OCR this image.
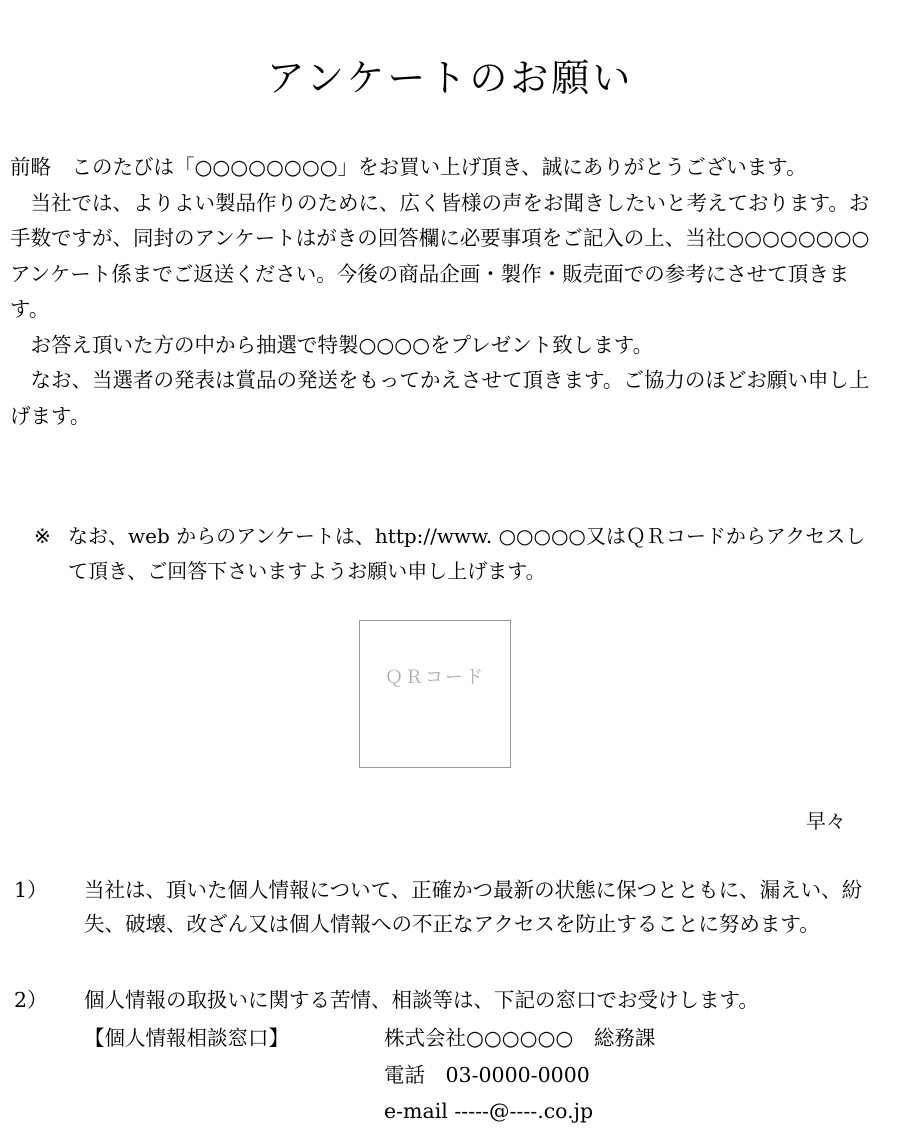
アンケートのお願い

前略　このたびは「○○○○○○○○」をお買い上げ頂き、誠にありがとうございます。

　当社では、よりよい製品作りのために、広く皆様の声をお聞きしたいと考えております。お手数ですが、同封のアンケートはがきの回答欄に必要事項をご記入の上、当社○○○○○○○○アンケート係までご返送ください。今後の商品企画・製作・販売面での参考にさせて頂きます。

　お答え頂いた方の中から抽選で特製○○○○をプレゼント致します。

　なお、当選者の発表は賞品の発送をもってかえさせて頂きます。ご協力のほどお願い申し上げます。

※ なお、web からのアンケートは、http://www. ○○○○○又はＱＲコードからアクセスして頂き、ご回答下さいますようお願い申し上げます。
ＱＲコード
早々
1） 当社は、頂いた個人情報について、正確かつ最新の状態に保つとともに、漏えい、紛失、破壊、改ざん又は個人情報への不正なアクセスを防止することに努めます。
2） 個人情報の取扱いに関する苦情、相談等は、下記の窓口でお受けします。
【個人情報相談窓口】	株式会社○○○○○○　総務課
電話　03-0000-0000
e-mail -----@----.co.jp
